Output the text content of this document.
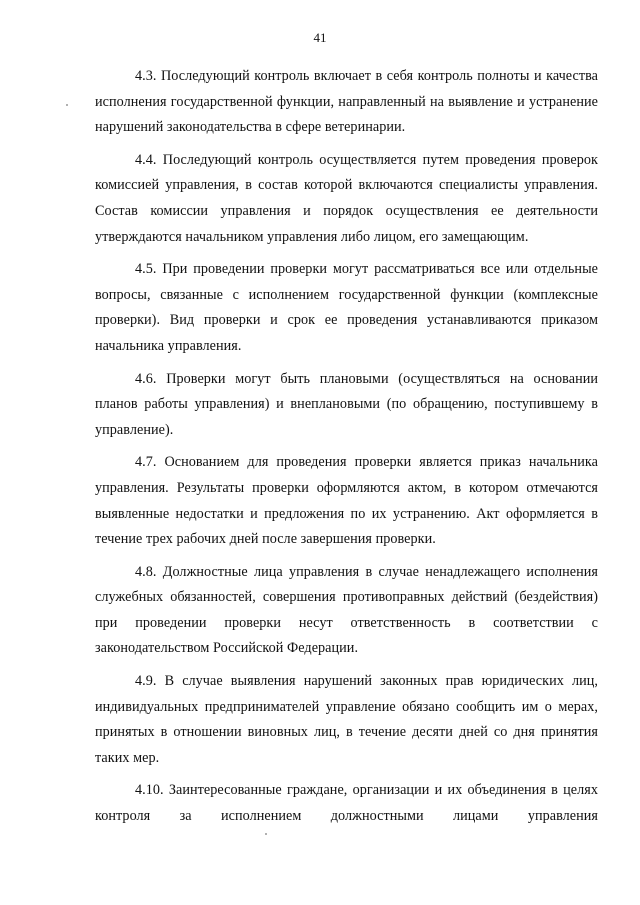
41

4.3. Последующий контроль включает в себя контроль полноты и качества исполнения государственной функции, направленный на выявление и устранение нарушений законодательства в сфере ветеринарии.

4.4. Последующий контроль осуществляется путем проведения проверок комиссией управления, в состав которой включаются специалисты управления. Состав комиссии управления и порядок осуществления ее деятельности утверждаются начальником управления либо лицом, его замещающим.

4.5. При проведении проверки могут рассматриваться все или отдельные вопросы, связанные с исполнением государственной функции (комплексные проверки). Вид проверки и срок ее проведения устанавливаются приказом начальника управления.

4.6. Проверки могут быть плановыми (осуществляться на основании планов работы управления) и внеплановыми (по обращению, поступившему в управление).

4.7. Основанием для проведения проверки является приказ начальника управления. Результаты проверки оформляются актом, в котором отмечаются выявленные недостатки и предложения по их устранению. Акт оформляется в течение трех рабочих дней после завершения проверки.

4.8. Должностные лица управления в случае ненадлежащего исполнения служебных обязанностей, совершения противоправных действий (бездействия) при проведении проверки несут ответственность в соответствии с законодательством Российской Федерации.

4.9. В случае выявления нарушений законных прав юридических лиц, индивидуальных предпринимателей управление обязано сообщить им о мерах, принятых в отношении виновных лиц, в течение десяти дней со дня принятия таких мер.

4.10. Заинтересованные граждане, организации и их объединения в целях контроля за исполнением должностными лицами управления
